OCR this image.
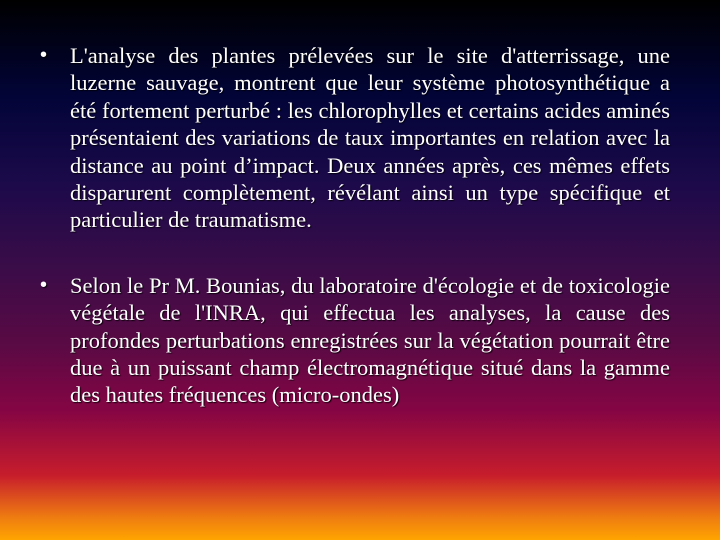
•	L'analyse des plantes prélevées sur le site d'atterrissage, une luzerne sauvage, montrent que leur système photosynthétique a été fortement perturbé : les chlorophylles et certains acides aminés présentaient des variations de taux importantes en relation avec la distance au point d’impact. Deux années après, ces mêmes effets disparurent complètement, révélant ainsi un type spécifique et particulier de traumatisme.

•	Selon le Pr M. Bounias, du laboratoire d'écologie et de toxicologie végétale de l'INRA, qui effectua les analyses, la cause des profondes perturbations enregistrées sur la végétation pourrait être due à un puissant champ électromagnétique situé dans la gamme des hautes fréquences (micro-ondes)
